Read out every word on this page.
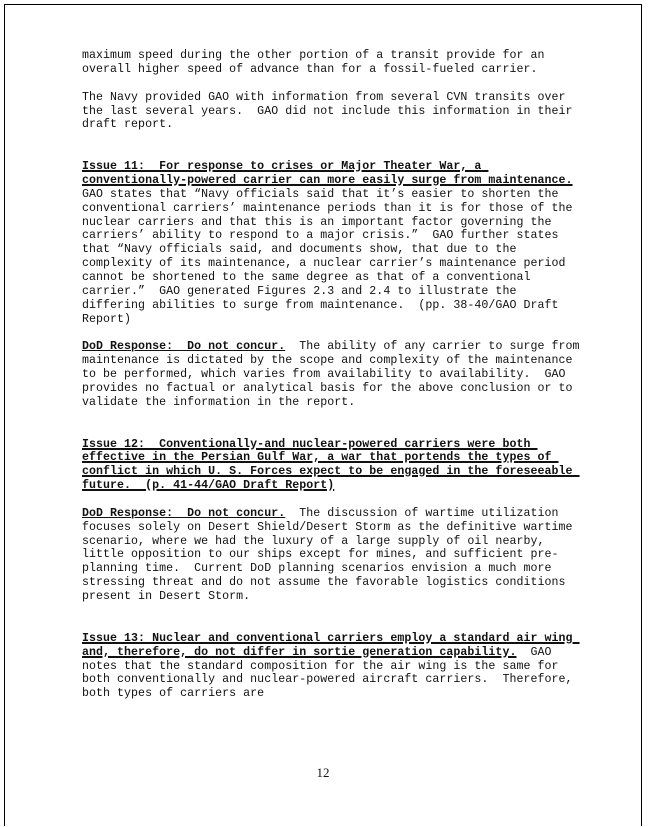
maximum speed during the other portion of a transit provide for an overall higher speed of advance than for a fossil-fueled carrier.

The Navy provided GAO with information from several CVN transits over the last several years.  GAO did not include this information in their draft report.

Issue 11:  For response to crises or Major Theater War, a conventionally-powered carrier can more easily surge from maintenance.  GAO states that “Navy officials said that it’s easier to shorten the conventional carriers’ maintenance periods than it is for those of the nuclear carriers and that this is an important factor governing the carriers’ ability to respond to a major crisis.”  GAO further states that “Navy officials said, and documents show, that due to the complexity of its maintenance, a nuclear carrier’s maintenance period cannot be shortened to the same degree as that of a conventional carrier.”  GAO generated Figures 2.3 and 2.4 to illustrate the differing abilities to surge from maintenance.  (pp. 38-40/GAO Draft Report)

DoD Response:  Do not concur.  The ability of any carrier to surge from maintenance is dictated by the scope and complexity of the maintenance to be performed, which varies from availability to availability.  GAO provides no factual or analytical basis for the above conclusion or to validate the information in the report.

Issue 12:  Conventionally-and nuclear-powered carriers were both effective in the Persian Gulf War, a war that portends the types of conflict in which U. S. Forces expect to be engaged in the foreseeable future.  (p. 41-44/GAO Draft Report)

DoD Response:  Do not concur.  The discussion of wartime utilization focuses solely on Desert Shield/Desert Storm as the definitive wartime scenario, where we had the luxury of a large supply of oil nearby, little opposition to our ships except for mines, and sufficient pre-planning time.  Current DoD planning scenarios envision a much more stressing threat and do not assume the favorable logistics conditions present in Desert Storm.

Issue 13: Nuclear and conventional carriers employ a standard air wing and, therefore, do not differ in sortie generation capability.  GAO notes that the standard composition for the air wing is the same for both conventionally and nuclear-powered aircraft carriers.  Therefore, both types of carriers are

12
